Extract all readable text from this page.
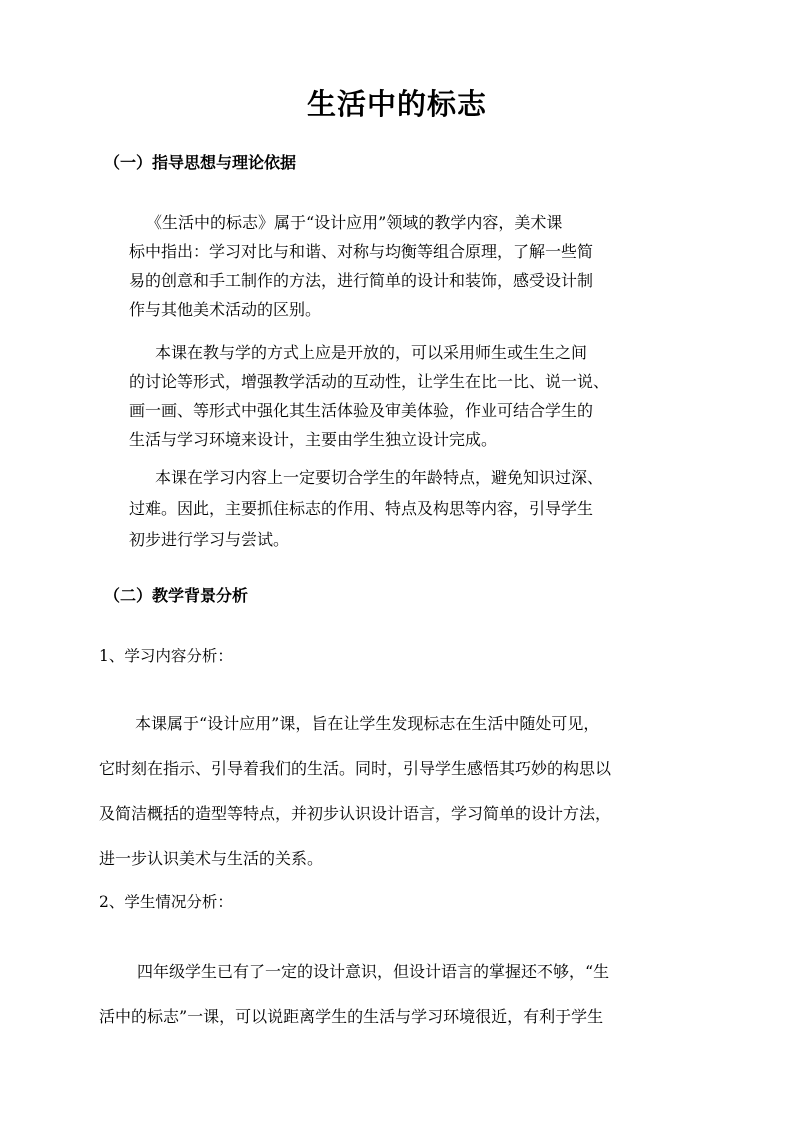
生活中的标志
（一）指导思想与理论依据
《生活中的标志》属于“设计应用”领域的教学内容，美术课
标中指出：学习对比与和谐、对称与均衡等组合原理，了解一些简
易的创意和手工制作的方法，进行简单的设计和装饰，感受设计制
作与其他美术活动的区别。
本课在教与学的方式上应是开放的，可以采用师生或生生之间
的讨论等形式，增强教学活动的互动性，让学生在比一比、说一说、
画一画、等形式中强化其生活体验及审美体验，作业可结合学生的
生活与学习环境来设计，主要由学生独立设计完成。
本课在学习内容上一定要切合学生的年龄特点，避免知识过深、
过难。因此，主要抓住标志的作用、特点及构思等内容，引导学生
初步进行学习与尝试。
（二）教学背景分析
1、学习内容分析：
本课属于“设计应用”课，旨在让学生发现标志在生活中随处可见，
它时刻在指示、引导着我们的生活。同时，引导学生感悟其巧妙的构思以
及简洁概括的造型等特点，并初步认识设计语言，学习简单的设计方法，
进一步认识美术与生活的关系。
2、学生情况分析：
四年级学生已有了一定的设计意识，但设计语言的掌握还不够，“生
活中的标志”一课，可以说距离学生的生活与学习环境很近，有利于学生
